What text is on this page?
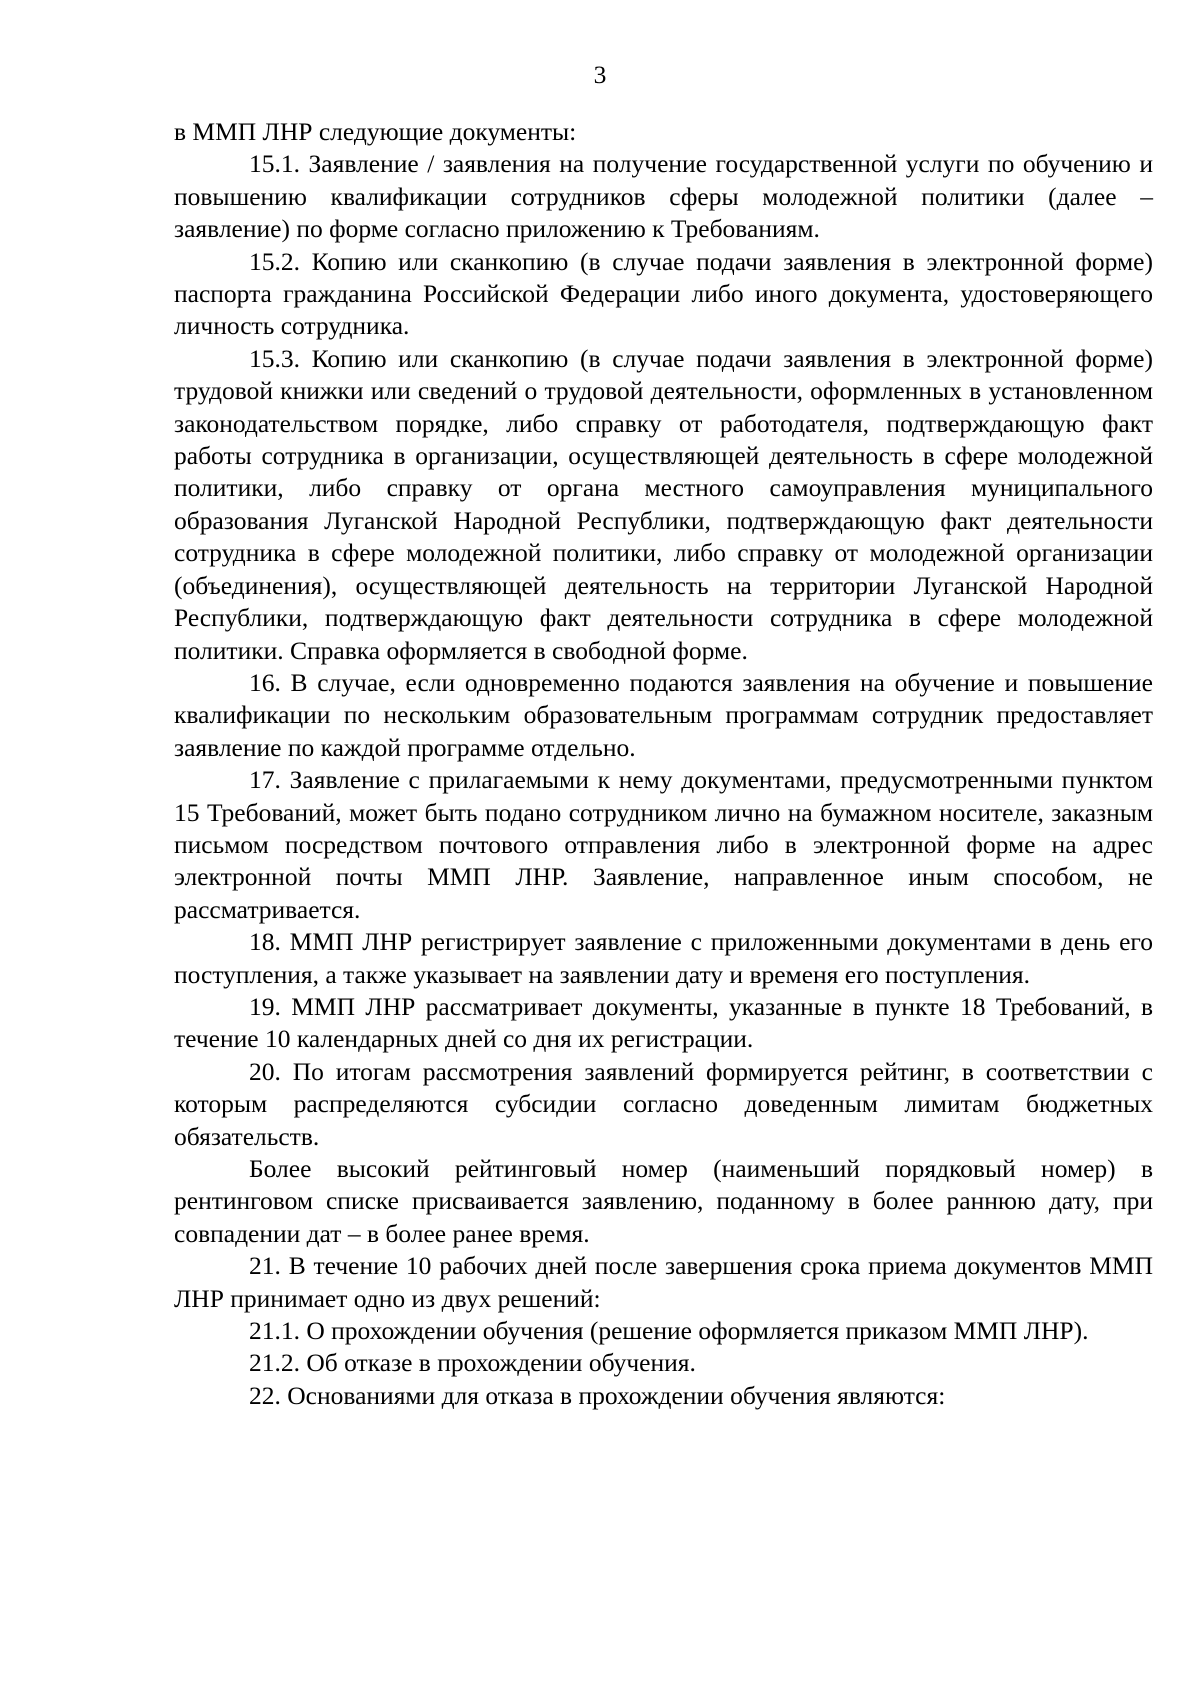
3

в ММП ЛНР следующие документы:

15.1. Заявление / заявления на получение государственной услуги по обучению и повышению квалификации сотрудников сферы молодежной политики (далее – заявление) по форме согласно приложению к Требованиям.

15.2. Копию или сканкопию (в случае подачи заявления в электронной форме) паспорта гражданина Российской Федерации либо иного документа, удостоверяющего личность сотрудника.

15.3. Копию или сканкопию (в случае подачи заявления в электронной форме) трудовой книжки или сведений о трудовой деятельности, оформленных в установленном законодательством порядке, либо справку от работодателя, подтверждающую факт работы сотрудника в организации, осуществляющей деятельность в сфере молодежной политики, либо справку от органа местного самоуправления муниципального образования Луганской Народной Республики, подтверждающую факт деятельности сотрудника в сфере молодежной политики, либо справку от молодежной организации (объединения), осуществляющей деятельность на территории Луганской Народной Республики, подтверждающую факт деятельности сотрудника в сфере молодежной политики. Справка оформляется в свободной форме.

16. В случае, если одновременно подаются заявления на обучение и повышение квалификации по нескольким образовательным программам сотрудник предоставляет заявление по каждой программе отдельно.

17. Заявление с прилагаемыми к нему документами, предусмотренными пунктом 15 Требований, может быть подано сотрудником лично на бумажном носителе, заказным письмом посредством почтового отправления либо в электронной форме на адрес электронной почты ММП ЛНР. Заявление, направленное иным способом, не рассматривается.

18. ММП ЛНР регистрирует заявление с приложенными документами в день его поступления, а также указывает на заявлении дату и временя его поступления.

19. ММП ЛНР рассматривает документы, указанные в пункте 18 Требований, в течение 10 календарных дней со дня их регистрации.

20. По итогам рассмотрения заявлений формируется рейтинг, в соответствии с которым распределяются субсидии согласно доведенным лимитам бюджетных обязательств.

Более высокий рейтинговый номер (наименьший порядковый номер) в рентинговом списке присваивается заявлению, поданному в более раннюю дату, при совпадении дат – в более ранее время.

21. В течение 10 рабочих дней после завершения срока приема документов ММП ЛНР принимает одно из двух решений:

21.1. О прохождении обучения (решение оформляется приказом ММП ЛНР).

21.2. Об отказе в прохождении обучения.

22. Основаниями для отказа в прохождении обучения являются:
